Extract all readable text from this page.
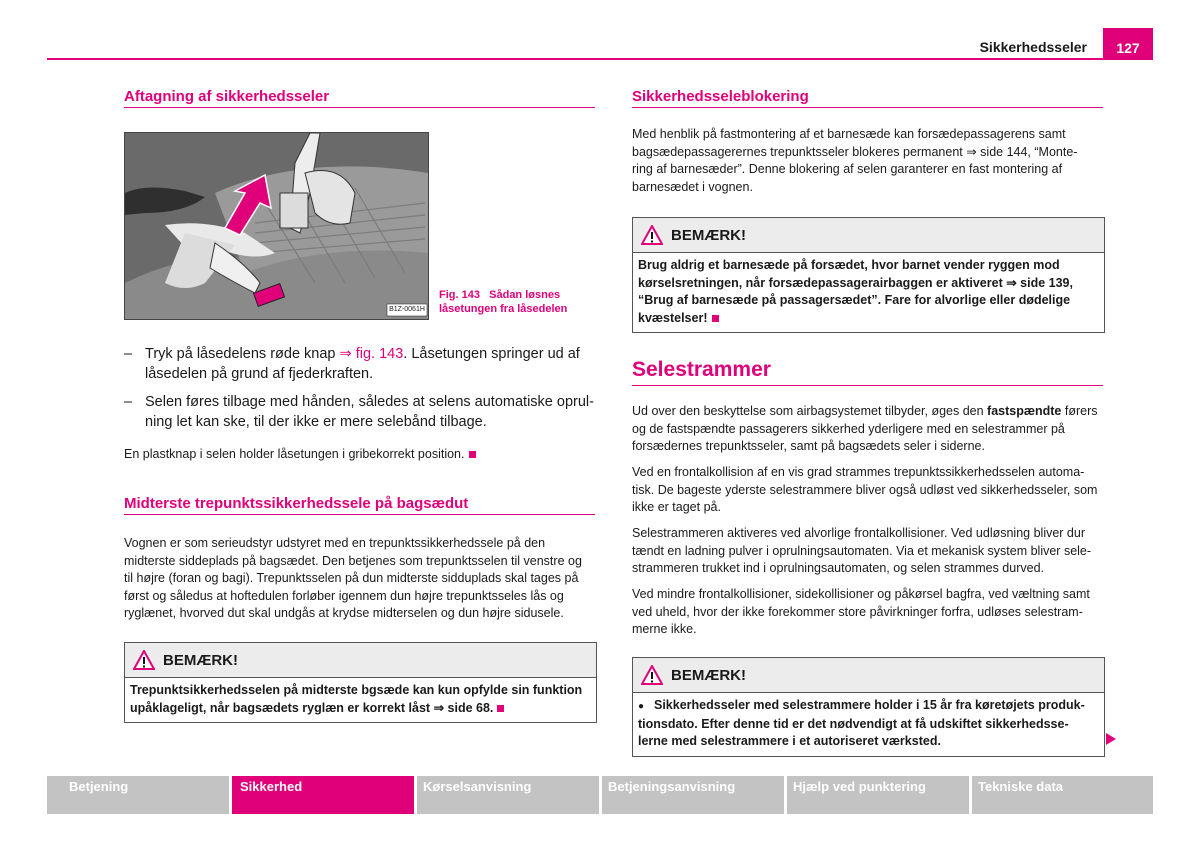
Sikkerhedsseler 127
Aftagning af sikkerhedsseler
B1Z-0061H
Fig. 143 Sådan løsnes
låsetungen fra låsedelen
– Tryk på låsedelens røde knap ⇒ fig. 143. Låsetungen springer ud af
låsedelen på grund af fjederkraften.
– Selen føres tilbage med hånden, således at selens automatiske oprul-
ning let kan ske, til der ikke er mere selebånd tilbage.

En plastknap i selen holder låsetungen i gribekorrekt position.

Midterste trepunktssikkerhedssele på bagsædut

Vognen er som serieudstyr udstyret med en trepunktssikkerhedssele på den

midterste siddeplads på bagsædet. Den betjenes som trepunktsselen til venstre og

til højre (foran og bagi). Trepunktsselen på dun midterste sidduplads skal tages på

først og såledus at hoftedulen forløber igennem dun højre trepunktsseles lås og

ryglænet, hvorved dut skal undgås at krydse midterselen og dun højre sidusele.

BEMÆRK!
Trepunktsikkerhedsselen på midterste bgsæde kan kun opfylde sin funktion
upåklageligt, når bagsædets ryglæn er korrekt låst ⇒ side 68.
Sikkerhedsseleblokering

Med henblik på fastmontering af et barnesæde kan forsædepassagerens samt

bagsædepassagerernes trepunktsseler blokeres permanent ⇒ side 144, “Monte-

ring af barnesæder”. Denne blokering af selen garanterer en fast montering af

barnesædet i vognen.

BEMÆRK!
Brug aldrig et barnesæde på forsædet, hvor barnet vender ryggen mod
kørselsretningen, når forsædepassagerairbaggen er aktiveret ⇒ side 139,
“Brug af barnesæde på passagersædet”. Fare for alvorlige eller dødelige
kvæstelser!
Selestrammer

Ud over den beskyttelse som airbagsystemet tilbyder, øges den fastspændte førers

og de fastspændte passagerers sikkerhed yderligere med en selestrammer på

forsædernes trepunktsseler, samt på bagsædets seler i siderne.

Ved en frontalkollision af en vis grad strammes trepunktssikkerhedsselen automa-

tisk. De bageste yderste selestrammere bliver også udløst ved sikkerhedsseler, som

ikke er taget på.

Selestrammeren aktiveres ved alvorlige frontalkollisioner. Ved udløsning bliver dur

tændt en ladning pulver i oprulningsautomaten. Via et mekanisk system bliver sele-

strammeren trukket ind i oprulningsautomaten, og selen strammes durved.

Ved mindre frontalkollisioner, sidekollisioner og påkørsel bagfra, ved væltning samt

ved uheld, hvor der ikke forekommer store påvirkninger forfra, udløses selestram-

merne ikke.

BEMÆRK!
● Sikkerhedsseler med selestrammere holder i 15 år fra køretøjets produk-
tionsdato. Efter denne tid er det nødvendigt at få udskiftet sikkerhedsse-
lerne med selestrammere i et autoriseret værksted.
Betjening	Sikkerhed	Kørselsanvisning	Betjeningsanvisning	Hjælp ved punktering	Tekniske data
